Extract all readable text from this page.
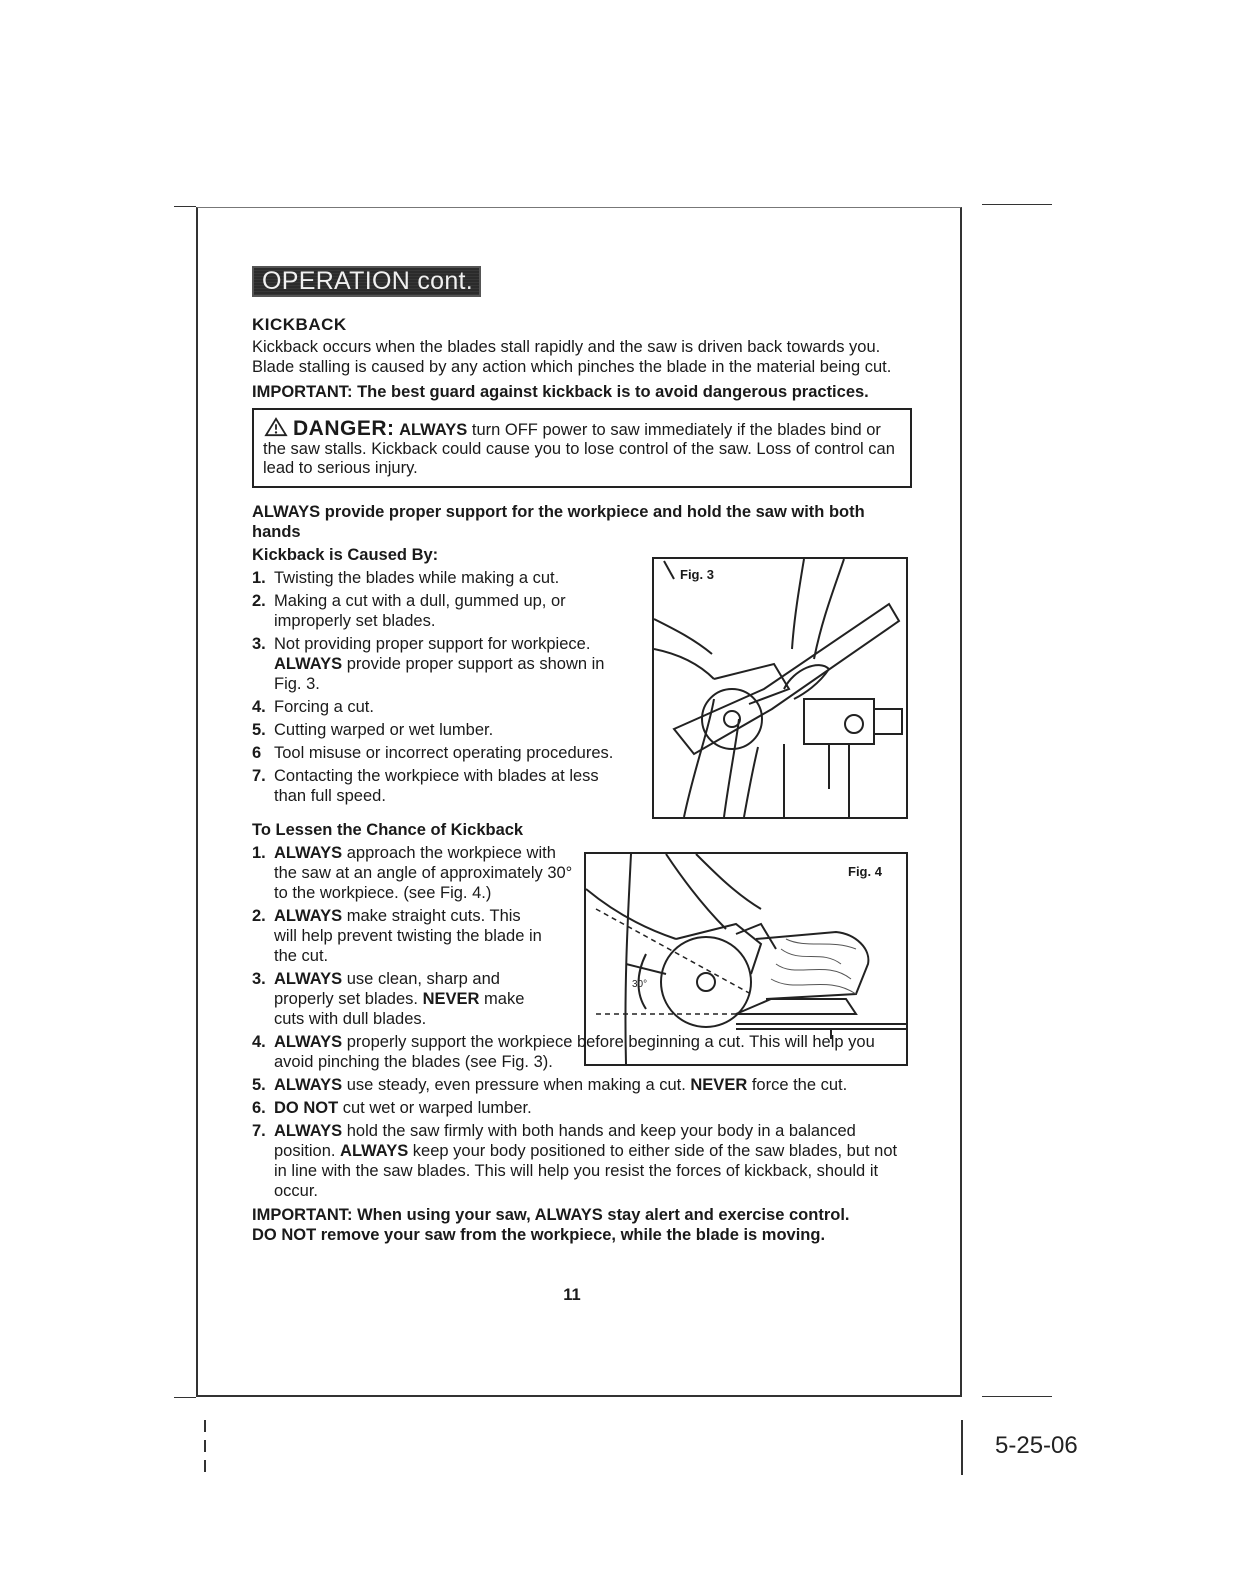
5-25-06
Fig. 3
Fig. 4
30°
OPERATION cont.
KICKBACK

Kickback occurs when the blades stall rapidly and the saw is driven back towards you. Blade stalling is caused by any action which pinches the blade in the material being cut.

IMPORTANT: The best guard against kickback is to avoid dangerous practices.

DANGER: ALWAYS turn OFF power to saw immediately if the blades bind or the saw stalls. Kickback could cause you to lose control of the saw. Loss of control can lead to serious injury.

ALWAYS provide proper support for the workpiece and hold the saw with both hands

Kickback is Caused By:

1. Twisting the blades while making a cut.
2. Making a cut with a dull, gummed up, or improperly set blades.
3. Not providing proper support for workpiece.
ALWAYS provide proper support as shown in Fig. 3.
4. Forcing a cut.
5. Cutting warped or wet lumber.
6 Tool misuse or incorrect operating procedures.
7. Contacting the workpiece with blades at less than full speed.

To Lessen the Chance of Kickback

1. ALWAYS approach the workpiece with the saw at an angle of approximately 30° to the workpiece. (see Fig. 4.)
2. ALWAYS make straight cuts. This will help prevent twisting the blade in the cut.
3. ALWAYS use clean, sharp and properly set blades. NEVER make cuts with dull blades.
4. ALWAYS properly support the workpiece before beginning a cut. This will help you avoid pinching the blades (see Fig. 3).
5. ALWAYS use steady, even pressure when making a cut. NEVER force the cut.
6. DO NOT cut wet or warped lumber.
7. ALWAYS hold the saw firmly with both hands and keep your body in a balanced position. ALWAYS keep your body positioned to either side of the saw blades, but not in line with the saw blades. This will help you resist the forces of kickback, should it occur.

IMPORTANT: When using your saw, ALWAYS stay alert and exercise control.

DO NOT remove your saw from the workpiece, while the blade is moving.

11
